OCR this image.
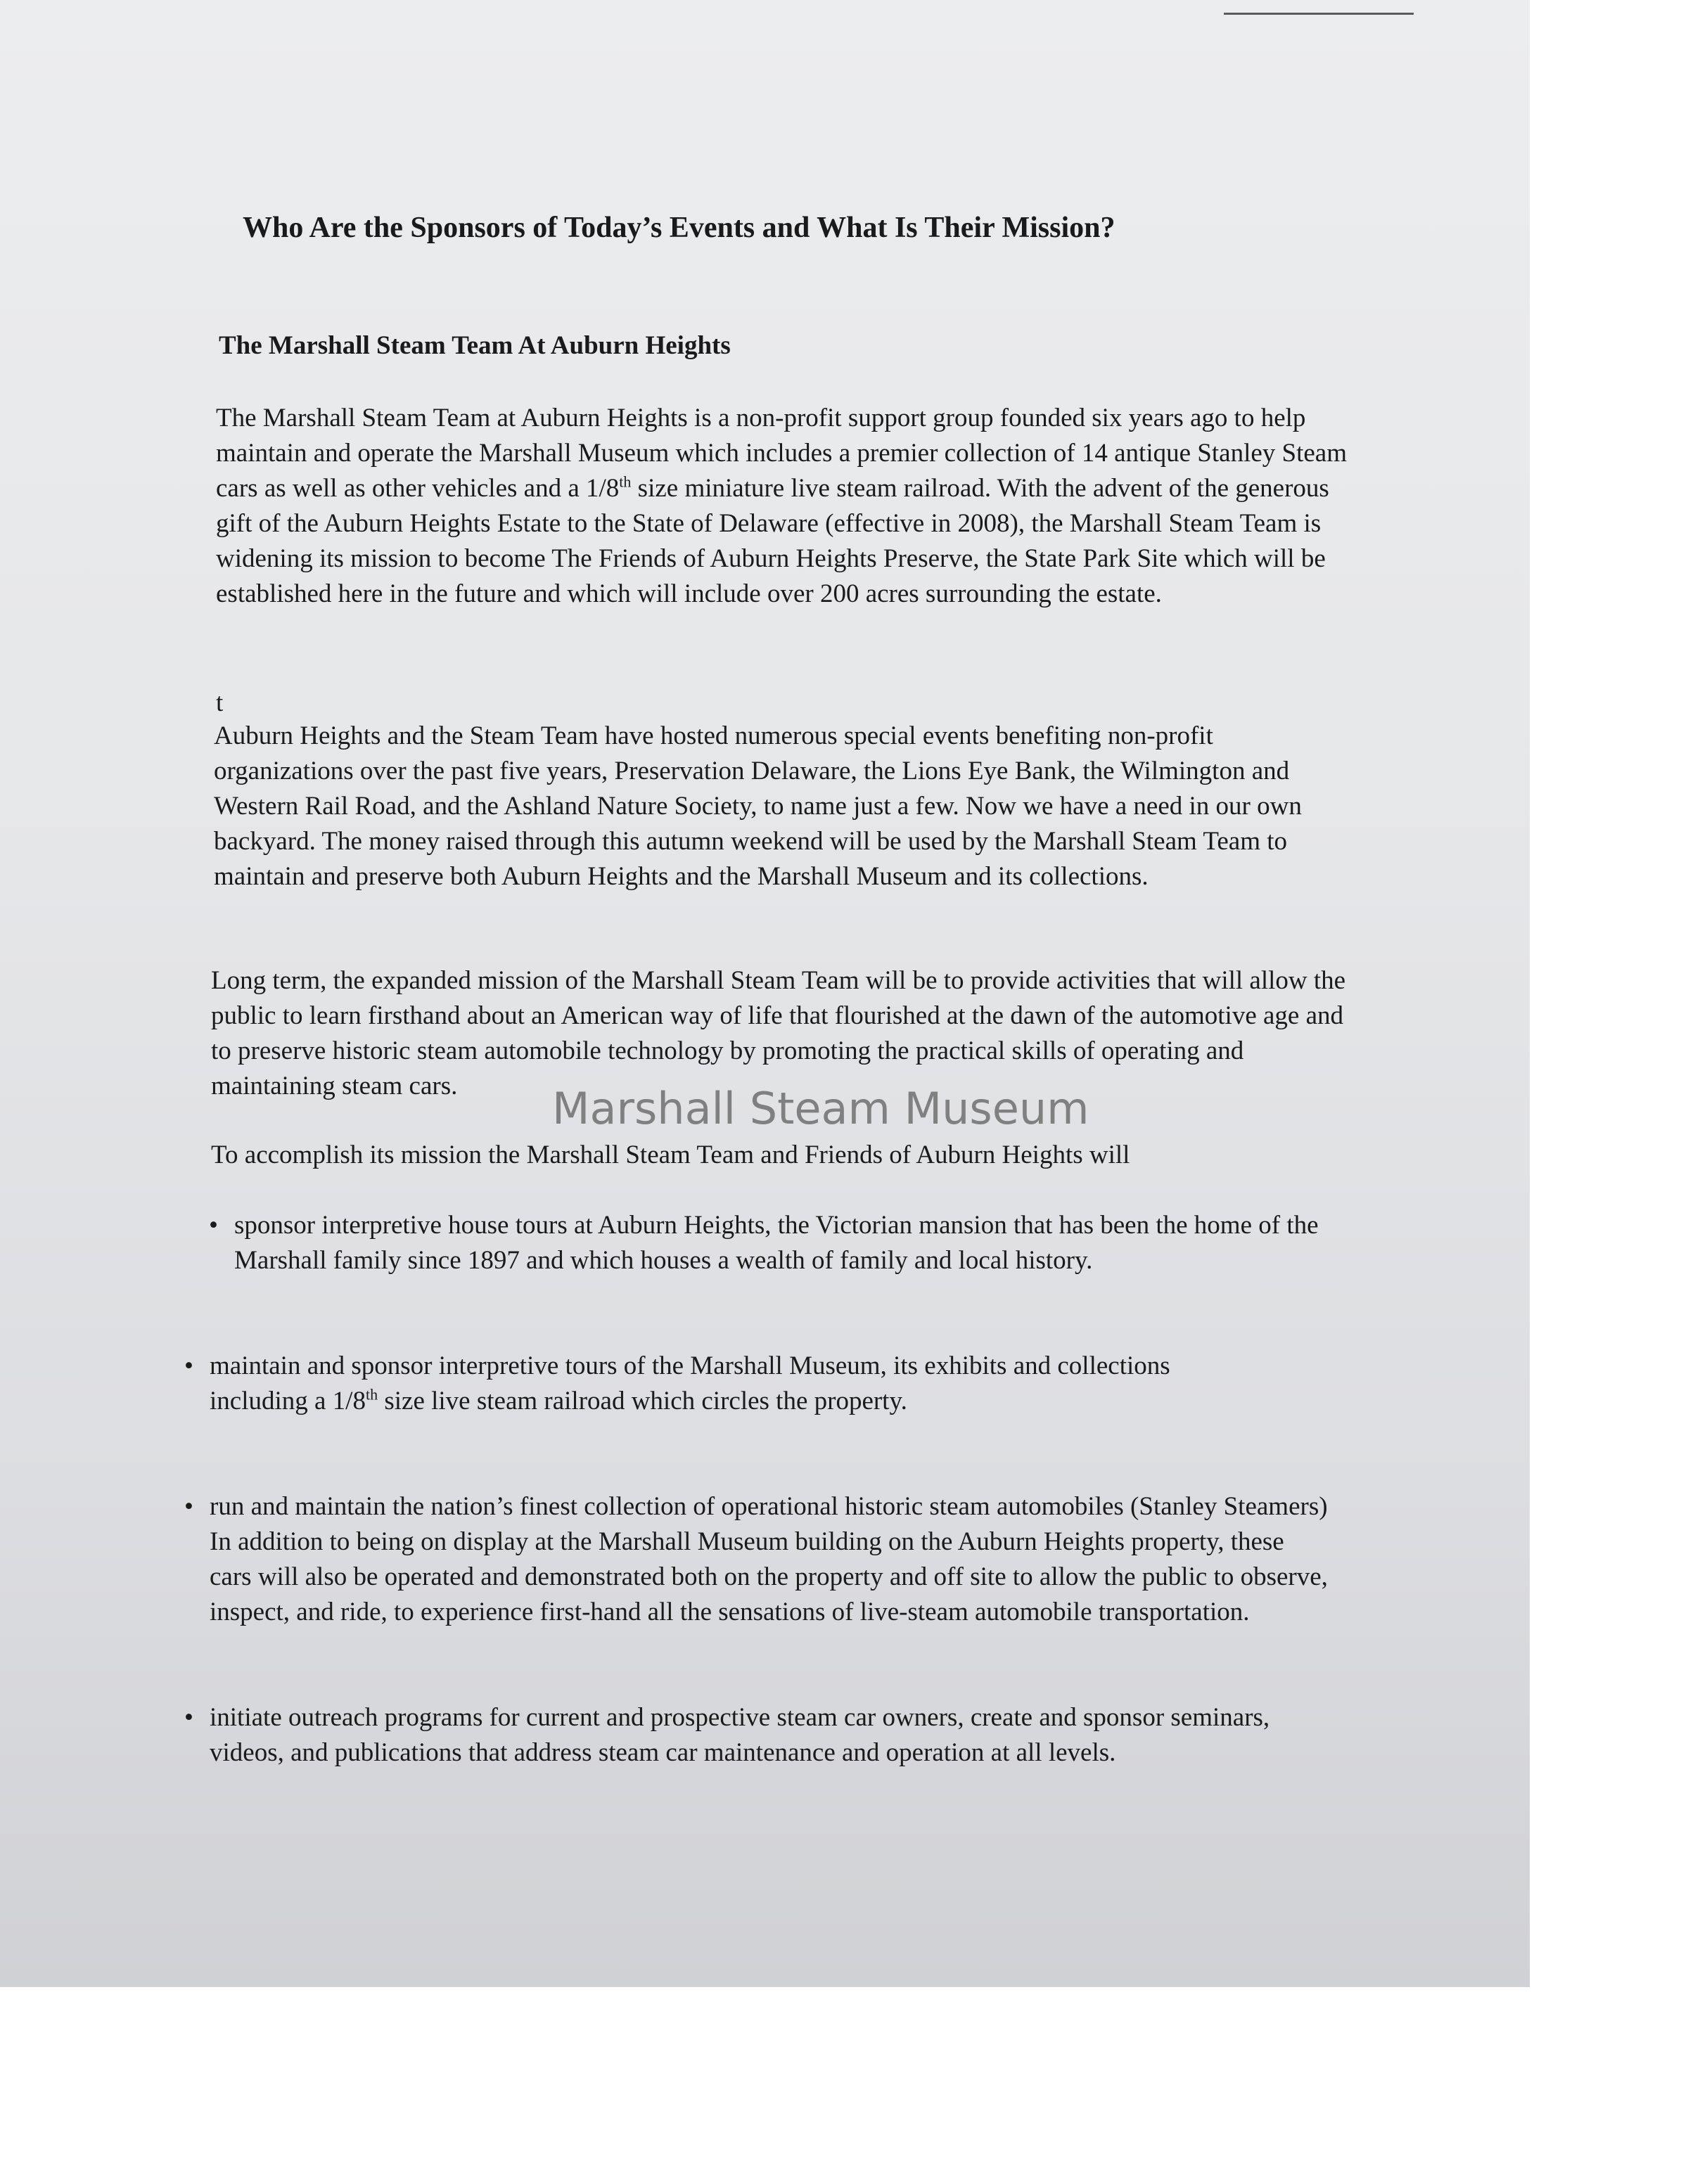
Who Are the Sponsors of Today’s Events and What Is Their Mission?
The Marshall Steam Team At Auburn Heights

The Marshall Steam Team at Auburn Heights is a non-profit support group founded six years ago to help maintain and operate the Marshall Museum which includes a premier collection of 14 antique Stanley Steam cars as well as other vehicles and a 1/8th size miniature live steam railroad. With the advent of the generous gift of the Auburn Heights Estate to the State of Delaware (effective in 2008), the Marshall Steam Team is widening its mission to become The Friends of Auburn Heights Preserve, the State Park Site which will be established here in the future and which will include over 200 acres surrounding the estate.

t

Auburn Heights and the Steam Team have hosted numerous special events benefiting non-profit organizations over the past five years, Preservation Delaware, the Lions Eye Bank, the Wilmington and Western Rail Road, and the Ashland Nature Society, to name just a few. Now we have a need in our own backyard. The money raised through this autumn weekend will be used by the Marshall Steam Team to maintain and preserve both Auburn Heights and the Marshall Museum and its collections.

Long term, the expanded mission of the Marshall Steam Team will be to provide activities that will allow the public to learn firsthand about an American way of life that flourished at the dawn of the automotive age and to preserve historic steam automobile technology by promoting the practical skills of operating and maintaining steam cars.

To accomplish its mission the Marshall Steam Team and Friends of Auburn Heights will

• sponsor interpretive house tours at Auburn Heights, the Victorian mansion that has been the home of the Marshall family since 1897 and which houses a wealth of family and local history.

• maintain and sponsor interpretive tours of the Marshall Museum, its exhibits and collections including a 1/8th size live steam railroad which circles the property.

• run and maintain the nation’s finest collection of operational historic steam automobiles (Stanley Steamers) In addition to being on display at the Marshall Museum building on the Auburn Heights property, these cars will also be operated and demonstrated both on the property and off site to allow the public to observe, inspect, and ride, to experience first-hand all the sensations of live-steam automobile transportation.

• initiate outreach programs for current and prospective steam car owners, create and sponsor seminars, videos, and publications that address steam car maintenance and operation at all levels.

Marshall Steam Museum
